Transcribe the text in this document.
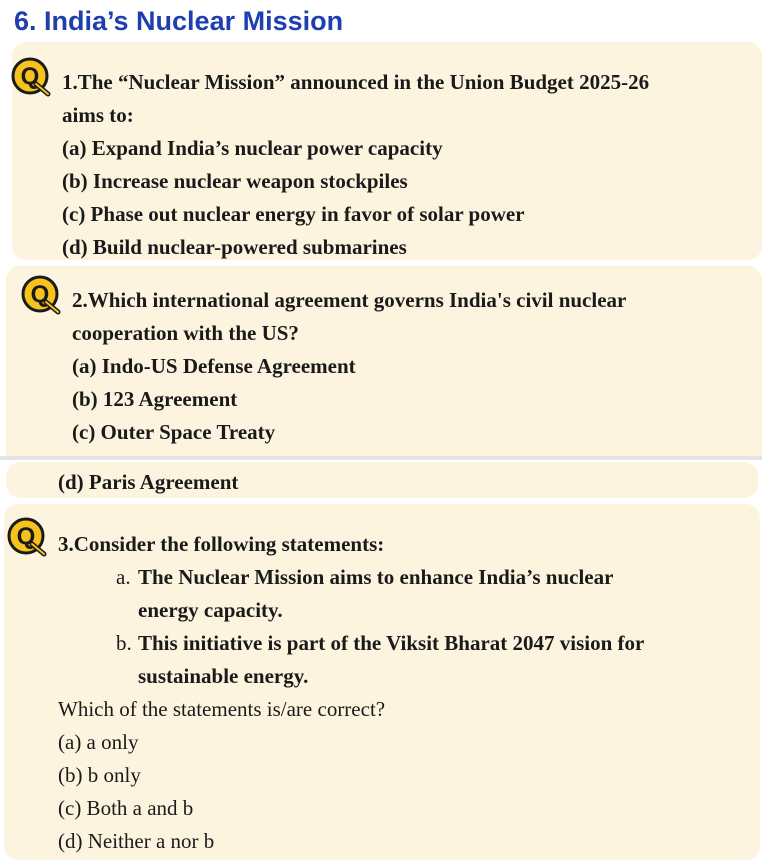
6. India’s Nuclear Mission
Q 1.The “Nuclear Mission” announced in the Union Budget 2025-26
aims to:
(a) Expand India’s nuclear power capacity
(b) Increase nuclear weapon stockpiles
(c) Phase out nuclear energy in favor of solar power
(d) Build nuclear-powered submarines
Q 2.Which international agreement governs India's civil nuclear
cooperation with the US?
(a) Indo-US Defense Agreement
(b) 123 Agreement
(c) Outer Space Treaty
(d) Paris Agreement
Q 3.Consider the following statements:
a. The Nuclear Mission aims to enhance India’s nuclear
energy capacity.
b. This initiative is part of the Viksit Bharat 2047 vision for
sustainable energy.
Which of the statements is/are correct?
(a) a only
(b) b only
(c) Both a and b
(d) Neither a nor b
